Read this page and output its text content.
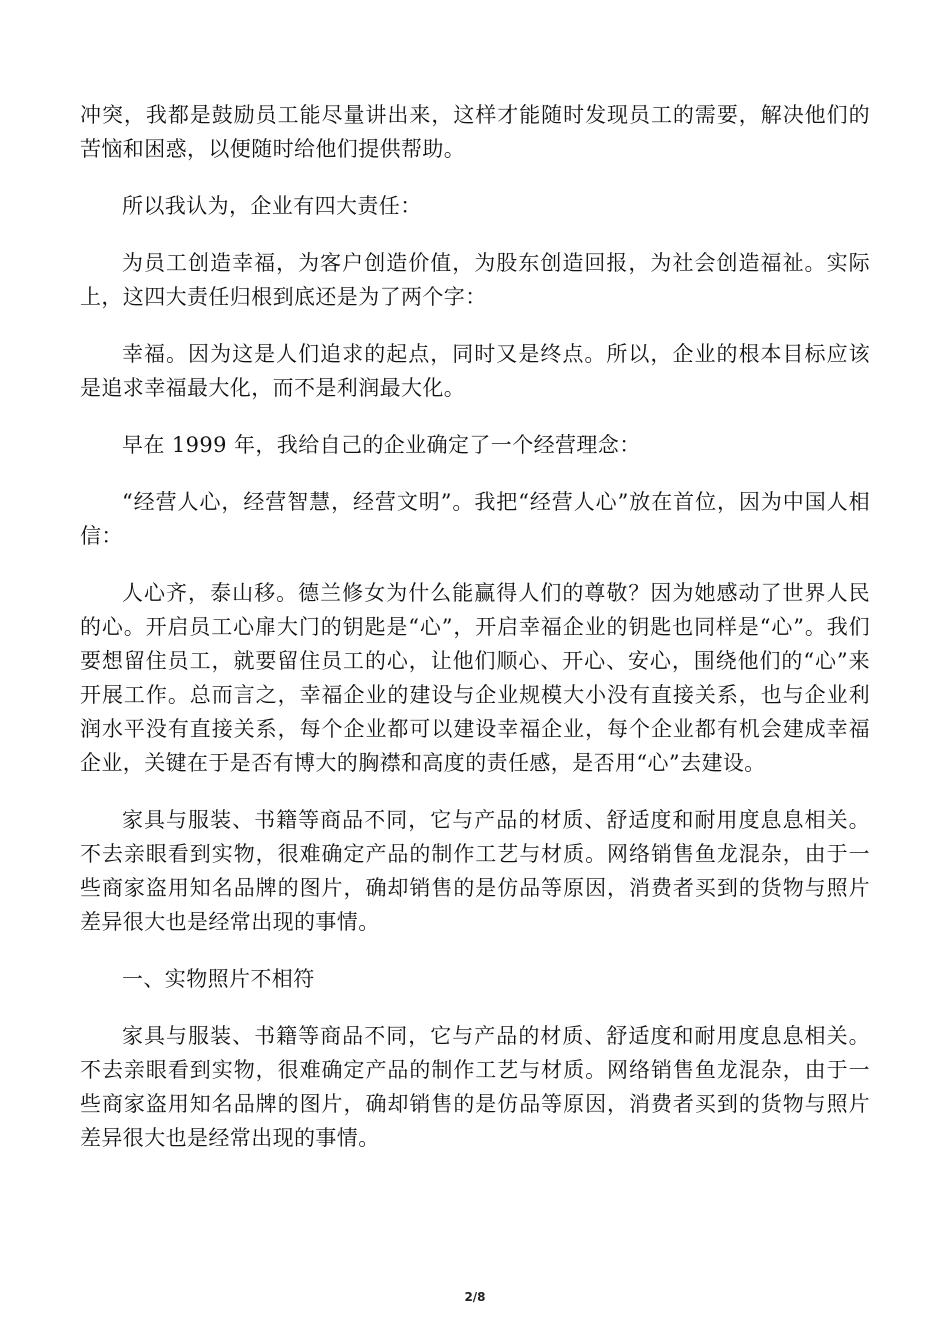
冲突，我都是鼓励员工能尽量讲出来，这样才能随时发现员工的需要，解决他们的苦恼和困惑，以便随时给他们提供帮助。

所以我认为，企业有四大责任：

为员工创造幸福，为客户创造价值，为股东创造回报，为社会创造福祉。实际上，这四大责任归根到底还是为了两个字：

幸福。因为这是人们追求的起点，同时又是终点。所以，企业的根本目标应该是追求幸福最大化，而不是利润最大化。

早在 1999 年，我给自己的企业确定了一个经营理念：

“经营人心，经营智慧，经营文明”。我把“经营人心”放在首位，因为中国人相信：

人心齐，泰山移。德兰修女为什么能赢得人们的尊敬？因为她感动了世界人民的心。开启员工心扉大门的钥匙是“心”，开启幸福企业的钥匙也同样是“心”。我们要想留住员工，就要留住员工的心，让他们顺心、开心、安心，围绕他们的“心”来开展工作。总而言之，幸福企业的建设与企业规模大小没有直接关系，也与企业利润水平没有直接关系，每个企业都可以建设幸福企业，每个企业都有机会建成幸福企业，关键在于是否有博大的胸襟和高度的责任感，是否用“心”去建设。

家具与服装、书籍等商品不同，它与产品的材质、舒适度和耐用度息息相关。不去亲眼看到实物，很难确定产品的制作工艺与材质。网络销售鱼龙混杂，由于一些商家盗用知名品牌的图片，确却销售的是仿品等原因，消费者买到的货物与照片差异很大也是经常出现的事情。

一、实物照片不相符

家具与服装、书籍等商品不同，它与产品的材质、舒适度和耐用度息息相关。不去亲眼看到实物，很难确定产品的制作工艺与材质。网络销售鱼龙混杂，由于一些商家盗用知名品牌的图片，确却销售的是仿品等原因，消费者买到的货物与照片差异很大也是经常出现的事情。

2/8
